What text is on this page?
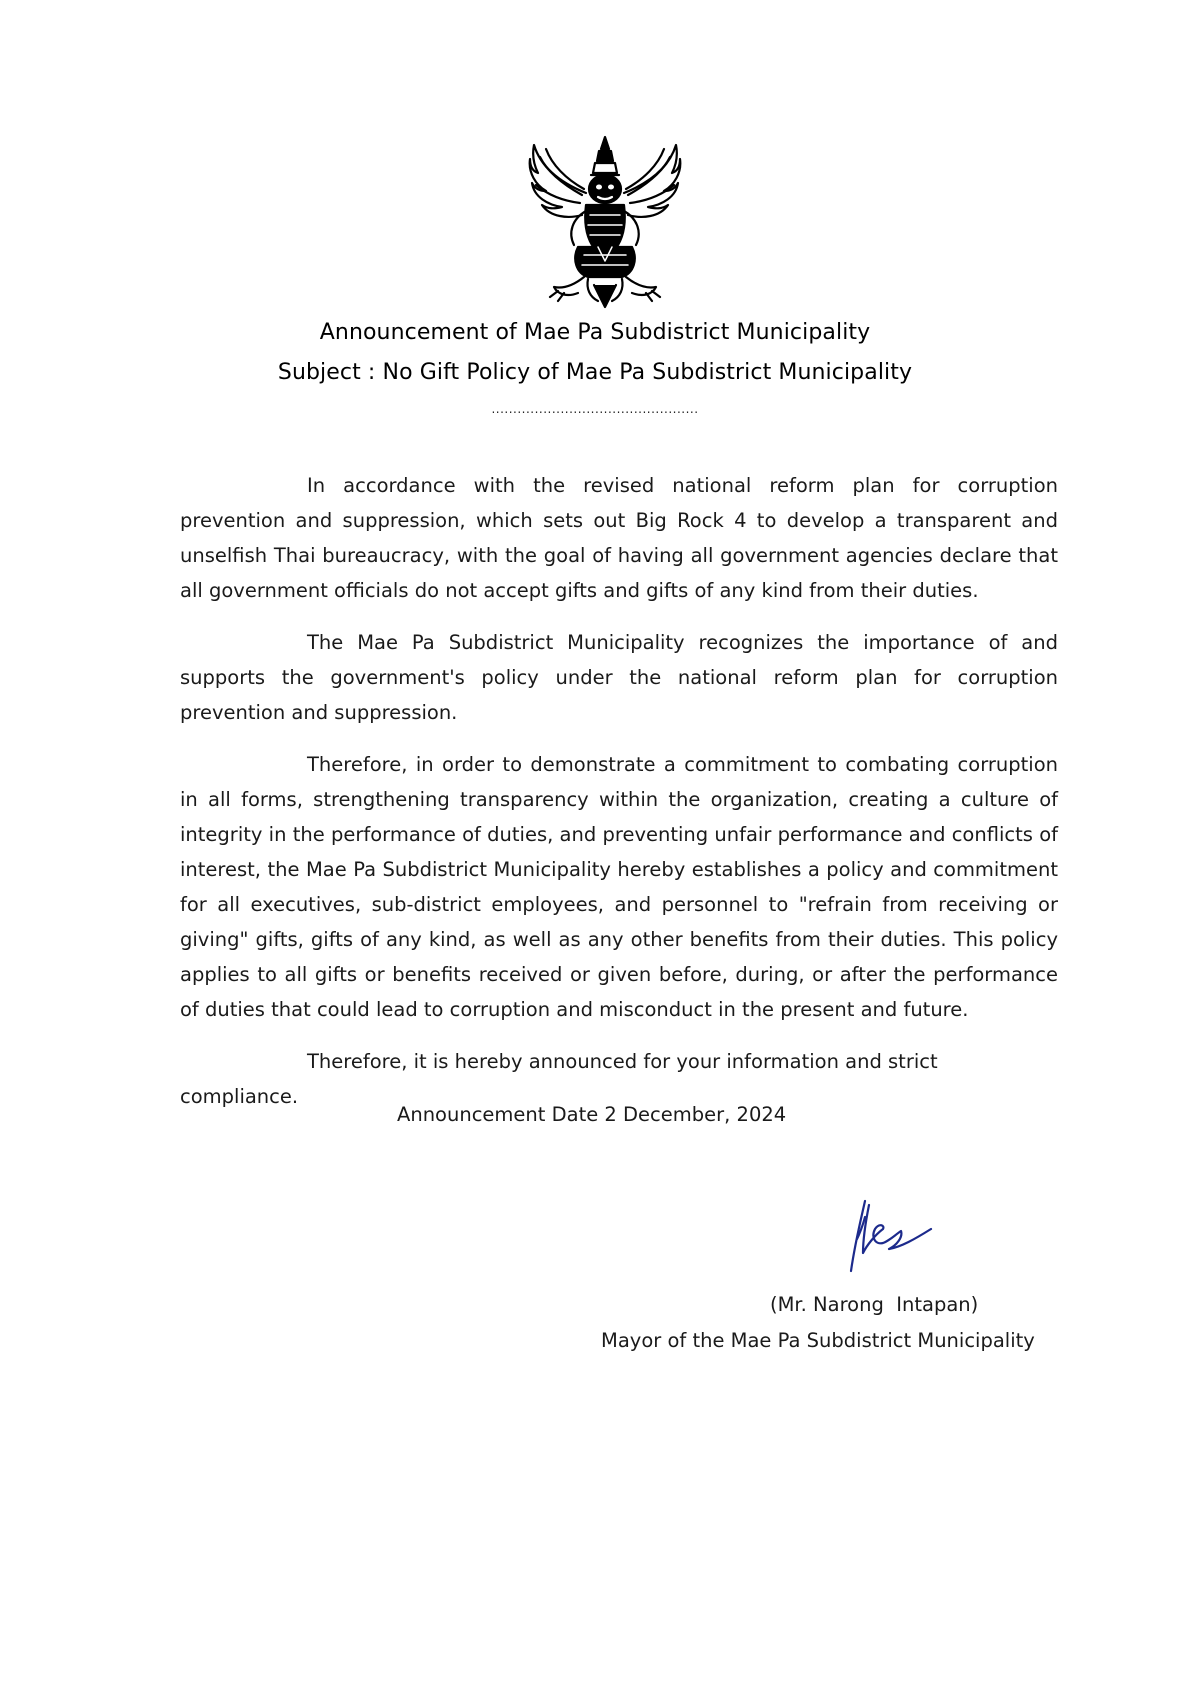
Announcement of Mae Pa Subdistrict Municipality
Subject : No Gift Policy of Mae Pa Subdistrict Municipality
................................................

In accordance with the revised national reform plan for corruption prevention and suppression, which sets out Big Rock 4 to develop a transparent and unselfish Thai bureaucracy, with the goal of having all government agencies declare that all government officials do not accept gifts and gifts of any kind from their duties.

The Mae Pa Subdistrict Municipality recognizes the importance of and supports the government's policy under the national reform plan for corruption prevention and suppression.

Therefore, in order to demonstrate a commitment to combating corruption in all forms, strengthening transparency within the organization, creating a culture of integrity in the performance of duties, and preventing unfair performance and conflicts of interest, the Mae Pa Subdistrict Municipality hereby establishes a policy and commitment for all executives, sub-district employees, and personnel to "refrain from receiving or giving" gifts, gifts of any kind, as well as any other benefits from their duties. This policy applies to all gifts or benefits received or given before, during, or after the performance of duties that could lead to corruption and misconduct in the present and future.

Therefore, it is hereby announced for your information and strict compliance.

Announcement Date 2 December, 2024
(Mr. Narong  Intapan)
Mayor of the Mae Pa Subdistrict Municipality
